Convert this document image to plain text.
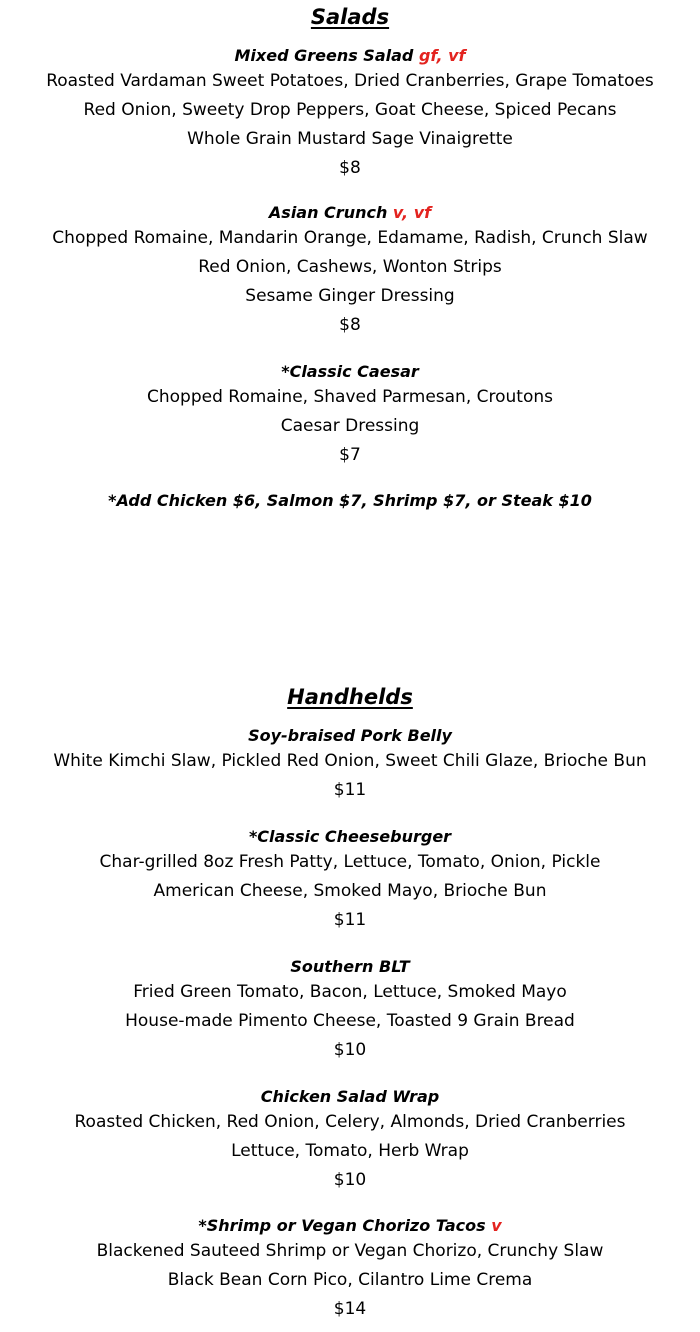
Salads

Mixed Greens Salad gf, vf

Roasted Vardaman Sweet Potatoes, Dried Cranberries, Grape Tomatoes

Red Onion, Sweety Drop Peppers, Goat Cheese, Spiced Pecans

Whole Grain Mustard Sage Vinaigrette

$8

Asian Crunch v, vf

Chopped Romaine, Mandarin Orange, Edamame, Radish, Crunch Slaw

Red Onion, Cashews, Wonton Strips

Sesame Ginger Dressing

$8

*Classic Caesar

Chopped Romaine, Shaved Parmesan, Croutons

Caesar Dressing

$7

*Add Chicken $6, Salmon $7, Shrimp $7, or Steak $10

Handhelds

Soy-braised Pork Belly

White Kimchi Slaw, Pickled Red Onion, Sweet Chili Glaze, Brioche Bun

$11

*Classic Cheeseburger

Char-grilled 8oz Fresh Patty, Lettuce, Tomato, Onion, Pickle

American Cheese, Smoked Mayo, Brioche Bun

$11

Southern BLT

Fried Green Tomato, Bacon, Lettuce, Smoked Mayo

House-made Pimento Cheese, Toasted 9 Grain Bread

$10

Chicken Salad Wrap

Roasted Chicken, Red Onion, Celery, Almonds, Dried Cranberries

Lettuce, Tomato, Herb Wrap

$10

*Shrimp or Vegan Chorizo Tacos v

Blackened Sauteed Shrimp or Vegan Chorizo, Crunchy Slaw

Black Bean Corn Pico, Cilantro Lime Crema

$14
